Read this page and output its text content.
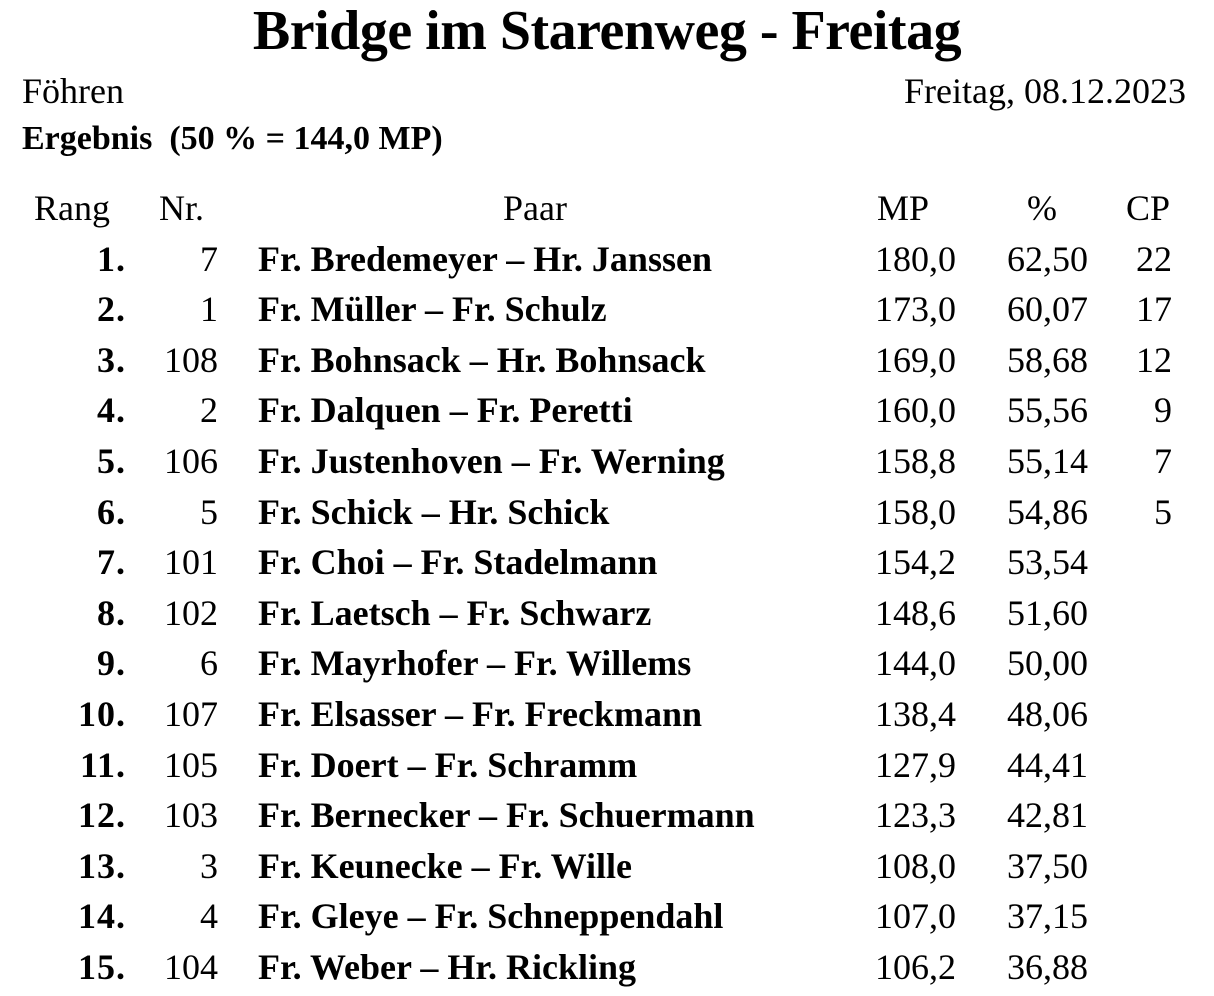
Bridge im Starenweg - Freitag
Föhren	Freitag, 08.12.2023
Ergebnis  (50 % = 144,0 MP)
Rang Nr.	Paar	MP	% CP
1. 7 Fr. Bredemeyer – Hr. Janssen	180,0 62,50 22
2. 1 Fr. Müller – Fr. Schulz	173,0 60,07 17
3. 108 Fr. Bohnsack – Hr. Bohnsack	169,0 58,68 12
4. 2 Fr. Dalquen – Fr. Peretti	160,0 55,56 9
5. 106 Fr. Justenhoven – Fr. Werning	158,8 55,14 7
6. 5 Fr. Schick – Hr. Schick	158,0 54,86 5
7. 101 Fr. Choi – Fr. Stadelmann	154,2 53,54
8. 102 Fr. Laetsch – Fr. Schwarz	148,6 51,60
9. 6 Fr. Mayrhofer – Fr. Willems	144,0 50,00
10. 107 Fr. Elsasser – Fr. Freckmann	138,4 48,06
11. 105 Fr. Doert – Fr. Schramm	127,9 44,41
12. 103 Fr. Bernecker – Fr. Schuermann	123,3 42,81
13. 3 Fr. Keunecke – Fr. Wille	108,0 37,50
14. 4 Fr. Gleye – Fr. Schneppendahl	107,0 37,15
15. 104 Fr. Weber – Hr. Rickling	106,2 36,88
